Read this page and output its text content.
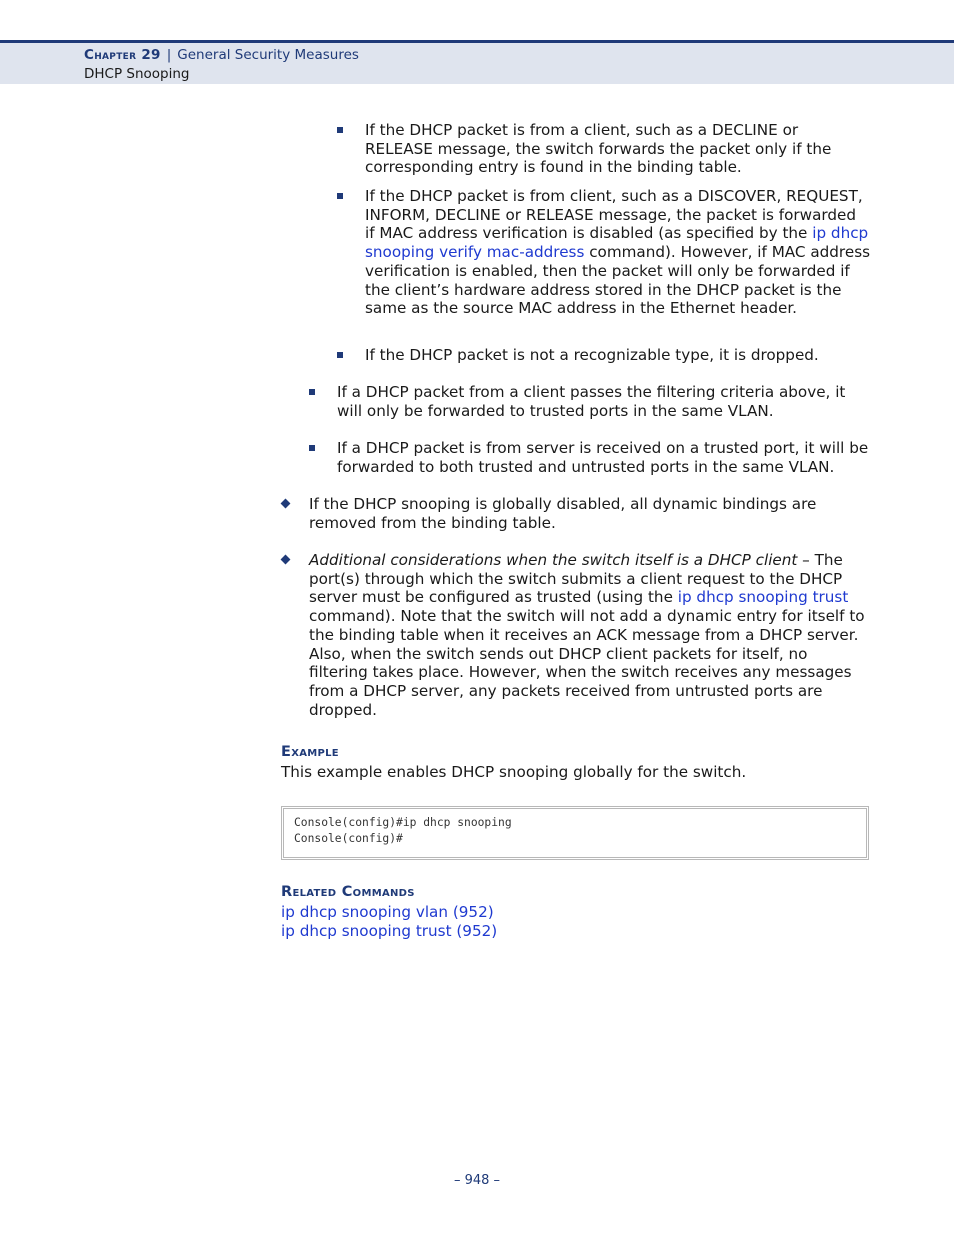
Chapter 29 | General Security Measures
DHCP Snooping
If the DHCP packet is from a client, such as a DECLINE or RELEASE message, the switch forwards the packet only if the corresponding entry is found in the binding table.
If the DHCP packet is from client, such as a DISCOVER, REQUEST, INFORM, DECLINE or RELEASE message, the packet is forwarded if MAC address verification is disabled (as specified by the ip dhcp snooping verify mac-address command). However, if MAC address verification is enabled, then the packet will only be forwarded if the client’s hardware address stored in the DHCP packet is the same as the source MAC address in the Ethernet header.
If the DHCP packet is not a recognizable type, it is dropped.
If a DHCP packet from a client passes the filtering criteria above, it will only be forwarded to trusted ports in the same VLAN.
If a DHCP packet is from server is received on a trusted port, it will be forwarded to both trusted and untrusted ports in the same VLAN.
If the DHCP snooping is globally disabled, all dynamic bindings are removed from the binding table.
Additional considerations when the switch itself is a DHCP client – The port(s) through which the switch submits a client request to the DHCP server must be configured as trusted (using the ip dhcp snooping trust command). Note that the switch will not add a dynamic entry for itself to the binding table when it receives an ACK message from a DHCP server. Also, when the switch sends out DHCP client packets for itself, no filtering takes place. However, when the switch receives any messages from a DHCP server, any packets received from untrusted ports are dropped.
Example
This example enables DHCP snooping globally for the switch.
Console(config)#ip dhcp snooping
Console(config)#
Related Commands
ip dhcp snooping vlan (952)
ip dhcp snooping trust (952)
– 948 –
